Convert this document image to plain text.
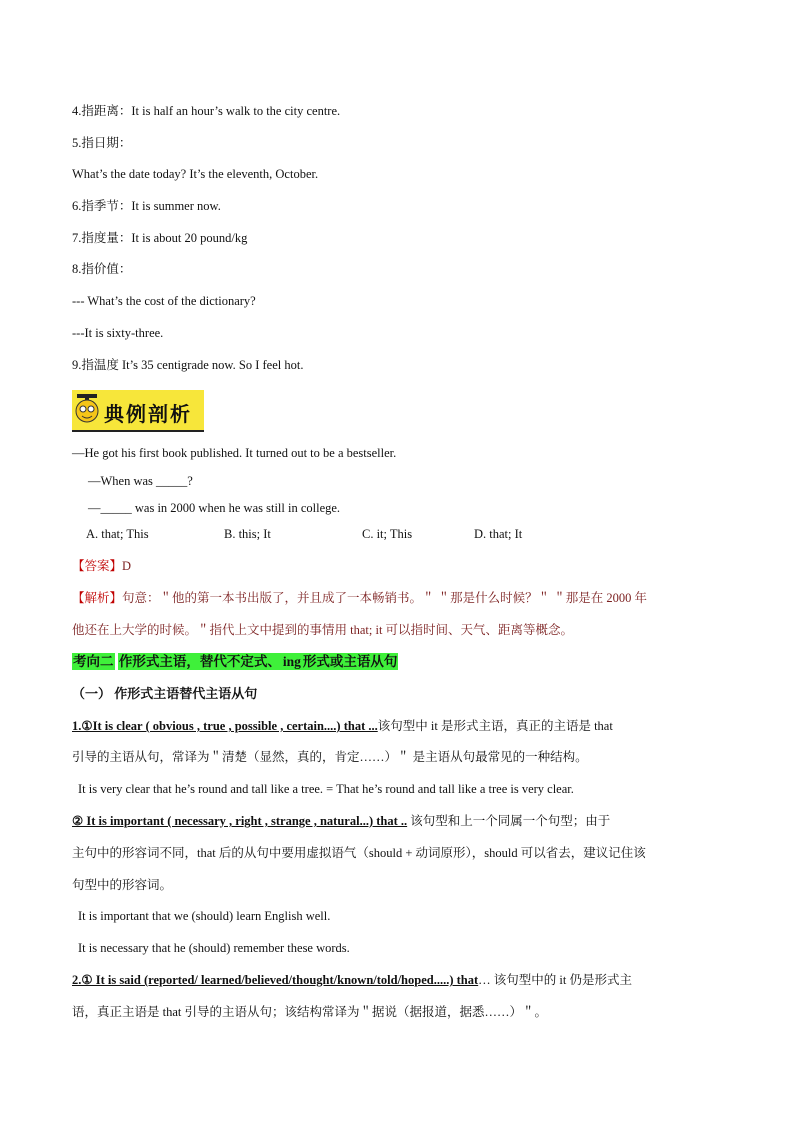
4.指距离：It is half an hour’s walk to the city centre.
5.指日期：
What’s the date today? It’s the eleventh, October.
6.指季节：It is summer now.
7.指度量：It is about 20 pound/kg
8.指价值：
--- What’s the cost of the dictionary?
---It is sixty-three.
9.指温度 It’s 35 centigrade now. So I feel hot.
典例剖析
—He got his first book published. It turned out to be a bestseller.
—When was _____?
—_____ was in 2000 when he was still in college.
A. that; This	B. this; It	C. it; This	D. that; It
【答案】D
【解析】句意：＂他的第一本书出版了，并且成了一本畅销书。＂ ＂那是什么时候？＂ ＂那是在 2000 年
他还在上大学的时候。＂指代上文中提到的事情用 that; it 可以指时间、天气、距离等概念。
考向二 作形式主语，替代不定式、 ing 形式或主语从句
（一） 作形式主语替代主语从句
1.①It is clear ( obvious , true , possible , certain....) that ...该句型中 it 是形式主语，真正的主语是 that
引导的主语从句，常译为＂清楚（显然，真的，肯定……）＂ 是主语从句最常见的一种结构。
It is very clear that he’s round and tall like a tree. = That he’s round and tall like a tree is very clear.
② It is important ( necessary , right , strange , natural...) that .. 该句型和上一个同属一个句型；由于
主句中的形容词不同，that 后的从句中要用虚拟语气（should + 动词原形），should 可以省去，建议记住该
句型中的形容词。
It is important that we (should) learn English well.
It is necessary that he (should) remember these words.
2.① It is said (reported/ learned/believed/thought/known/told/hoped.....) that… 该句型中的 it 仍是形式主
语，真正主语是 that 引导的主语从句；该结构常译为＂据说（据报道，据悉……）＂。
